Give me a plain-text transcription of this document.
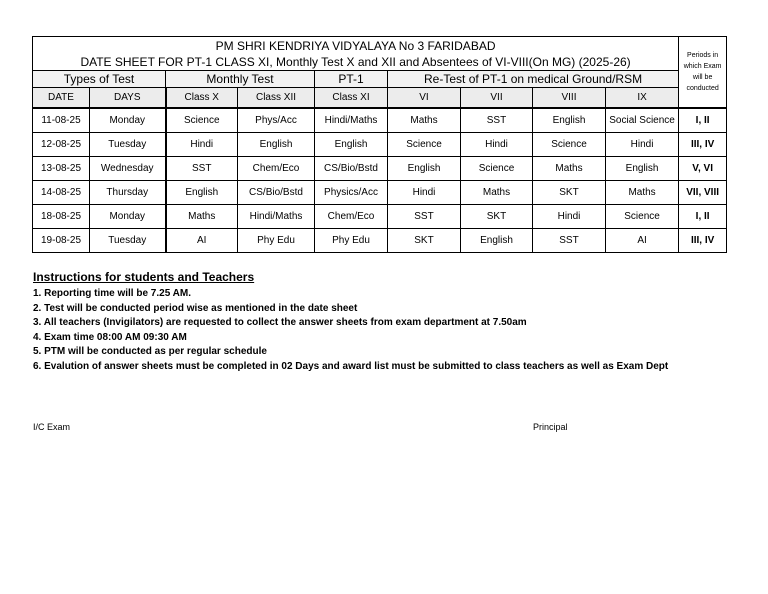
PM SHRI KENDRIYA VIDYALAYA No 3 FARIDABAD
DATE SHEET FOR PT-1 CLASS XI, Monthly Test X and XII and Absentees of VI-VIII(On MG) (2025-26)									Periods in which Exam will be conducted
Types of Test		Monthly Test		PT-1	Re-Test of PT-1 on medical Ground/RSM				
DATE	DAYS	Class X	Class XII	Class XI	VI	VII	VIII	IX	
11-08-25	Monday	Science	Phys/Acc	Hindi/Maths	Maths	SST	English	Social Science	I, II
12-08-25	Tuesday	Hindi	English	English	Science	Hindi	Science	Hindi	III, IV
13-08-25	Wednesday	SST	Chem/Eco	CS/Bio/Bstd	English	Science	Maths	English	V, VI
14-08-25	Thursday	English	CS/Bio/Bstd	Physics/Acc	Hindi	Maths	SKT	Maths	VII, VIII
18-08-25	Monday	Maths	Hindi/Maths	Chem/Eco	SST	SKT	Hindi	Science	I, II
19-08-25	Tuesday	AI	Phy Edu	Phy Edu	SKT	English	SST	AI	III, IV
Instructions for students and Teachers
1. Reporting time will be 7.25 AM.
2. Test will be conducted period wise as mentioned in the date sheet
3. All teachers (Invigilators) are requested to collect the answer sheets from exam department at 7.50am
4. Exam time 08:00 AM 09:30 AM
5. PTM will be conducted as per regular schedule
6. Evalution of answer sheets must be completed in 02 Days and award list must be submitted to class teachers as well as Exam Dept
I/C Exam	Principal
